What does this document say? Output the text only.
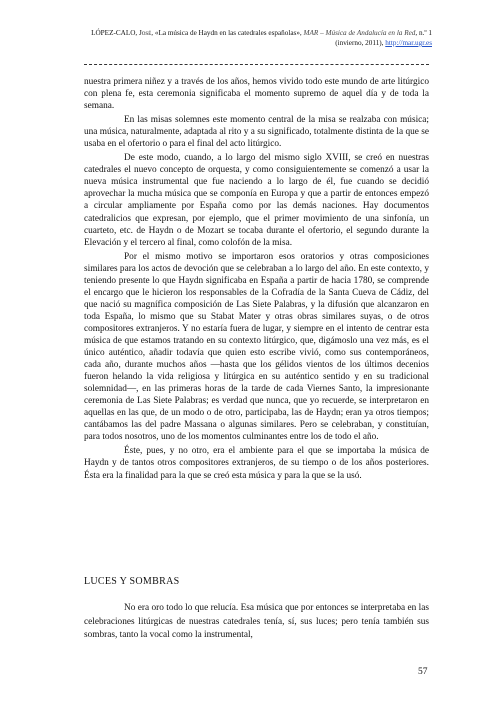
LÓPEZ-CALO, José, «La música de Haydn en las catedrales españolas», MAR – Música de Andalucía en la Red, n.º 1 (invierno, 2011), http://mar.ugr.es

nuestra primera niñez y a través de los años, hemos vivido todo este mundo de arte litúrgico con plena fe, esta ceremonia significaba el momento supremo de aquel día y de toda la semana.

En las misas solemnes este momento central de la misa se realzaba con música; una música, naturalmente, adaptada al rito y a su significado, totalmente distinta de la que se usaba en el ofertorio o para el final del acto litúrgico.

De este modo, cuando, a lo largo del mismo siglo XVIII, se creó en nuestras catedrales el nuevo concepto de orquesta, y como consiguientemente se comenzó a usar la nueva música instrumental que fue naciendo a lo largo de él, fue cuando se decidió aprovechar la mucha música que se componía en Europa y que a partir de entonces empezó a circular ampliamente por España como por las demás naciones. Hay documentos catedralicios que expresan, por ejemplo, que el primer movimiento de una sinfonía, un cuarteto, etc. de Haydn o de Mozart se tocaba durante el ofertorio, el segundo durante la Elevación y el tercero al final, como colofón de la misa.

Por el mismo motivo se importaron esos oratorios y otras composiciones similares para los actos de devoción que se celebraban a lo largo del año. En este contexto, y teniendo presente lo que Haydn significaba en España a partir de hacia 1780, se comprende el encargo que le hicieron los responsables de la Cofradía de la Santa Cueva de Cádiz, del que nació su magnífica composición de Las Siete Palabras, y la difusión que alcanzaron en toda España, lo mismo que su Stabat Mater y otras obras similares suyas, o de otros compositores extranjeros. Y no estaría fuera de lugar, y siempre en el intento de centrar esta música de que estamos tratando en su contexto litúrgico, que, digámoslo una vez más, es el único auténtico, añadir todavía que quien esto escribe vivió, como sus contemporáneos, cada año, durante muchos años —hasta que los gélidos vientos de los últimos decenios fueron helando la vida religiosa y litúrgica en su auténtico sentido y en su tradicional solemnidad—, en las primeras horas de la tarde de cada Viernes Santo, la impresionante ceremonia de Las Siete Palabras; es verdad que nunca, que yo recuerde, se interpretaron en aquellas en las que, de un modo o de otro, participaba, las de Haydn; eran ya otros tiempos; cantábamos las del padre Massana o algunas similares. Pero se celebraban, y constituían, para todos nosotros, uno de los momentos culminantes entre los de todo el año.

Éste, pues, y no otro, era el ambiente para el que se importaba la música de Haydn y de tantos otros compositores extranjeros, de su tiempo o de los años posteriores. Ésta era la finalidad para la que se creó esta música y para la que se la usó.

LUCES Y SOMBRAS

No era oro todo lo que relucía. Esa música que por entonces se interpretaba en las celebraciones litúrgicas de nuestras catedrales tenía, sí, sus luces; pero tenía también sus sombras, tanto la vocal como la instrumental,

57
